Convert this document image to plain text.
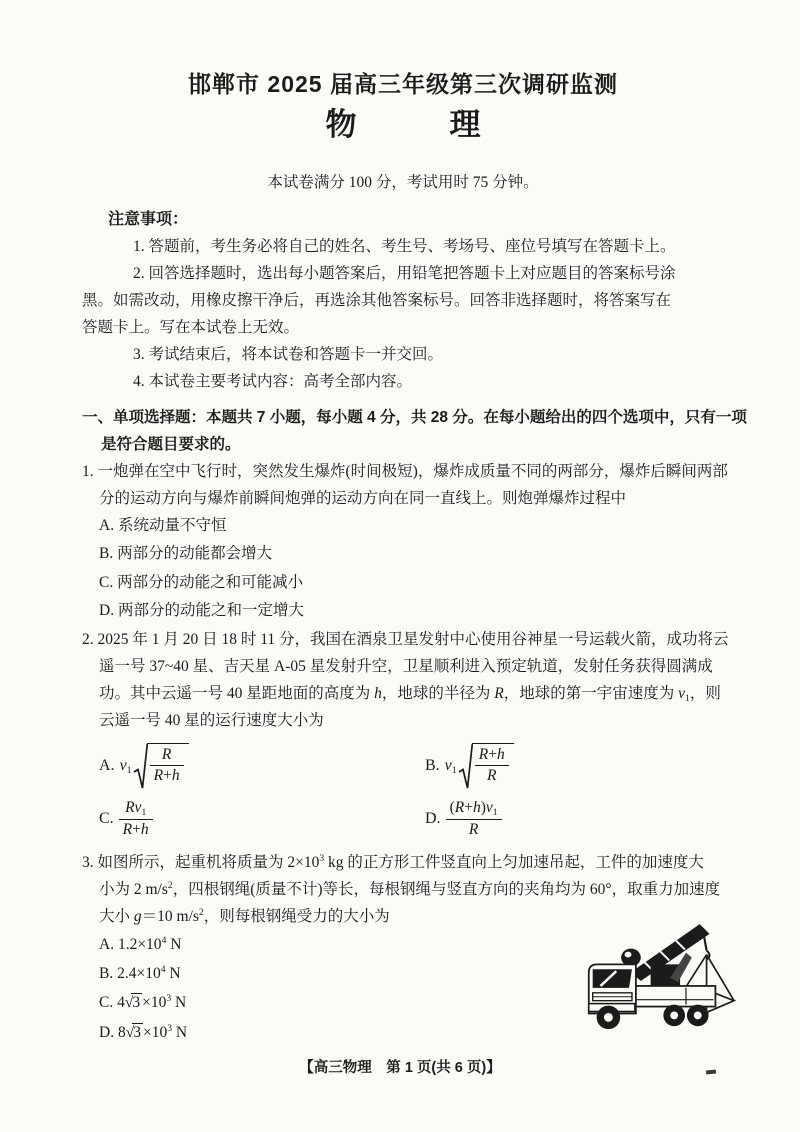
邯郸市 2025 届高三年级第三次调研监测
物　　　理
本试卷满分 100 分，考试用时 75 分钟。
注意事项：
1. 答题前，考生务必将自己的姓名、考生号、考场号、座位号填写在答题卡上。
2. 回答选择题时，选出每小题答案后，用铅笔把答题卡上对应题目的答案标号涂
黑。如需改动，用橡皮擦干净后，再选涂其他答案标号。回答非选择题时，将答案写在
答题卡上。写在本试卷上无效。
3. 考试结束后，将本试卷和答题卡一并交回。
4. 本试卷主要考试内容：高考全部内容。
一、单项选择题：本题共 7 小题，每小题 4 分，共 28 分。在每小题给出的四个选项中，只有一项
是符合题目要求的。
1. 一炮弹在空中飞行时，突然发生爆炸(时间极短)，爆炸成质量不同的两部分，爆炸后瞬间两部
分的运动方向与爆炸前瞬间炮弹的运动方向在同一直线上。则炮弹爆炸过程中
A. 系统动量不守恒
B. 两部分的动能都会增大
C. 两部分的动能之和可能减小
D. 两部分的动能之和一定增大
2. 2025 年 1 月 20 日 18 时 11 分，我国在酒泉卫星发射中心使用谷神星一号运载火箭，成功将云
遥一号 37~40 星、吉天星 A-05 星发射升空，卫星顺利进入预定轨道，发射任务获得圆满成
功。其中云遥一号 40 星距地面的高度为 h，地球的半径为 R，地球的第一宇宙速度为 $v_1$，则
云遥一号 40 星的运行速度大小为
A. $v_1 \frac{R}{R+h}$	B. $v_1 \frac{R+h}{R}$
C. $\frac{Rv_1}{R+h}$	D. $\frac{(R+h)v_1}{R}$
3. 如图所示，起重机将质量为 $2\times 10^3$ kg 的正方形工件竖直向上匀加速吊起，工件的加速度大
小为 2 $m/s^2$，四根钢绳(质量不计)等长，每根钢绳与竖直方向的夹角均为 60°，取重力加速度
大小 g＝10 $m/s^2$，则每根钢绳受力的大小为
A. $1.2\times 10^4$ N
B. $2.4\times 10^4$ N
C. $4√3 \times 10^3$ N
D. $8√3 \times 10^3$ N
【高三物理　第 1 页(共 6 页)】
